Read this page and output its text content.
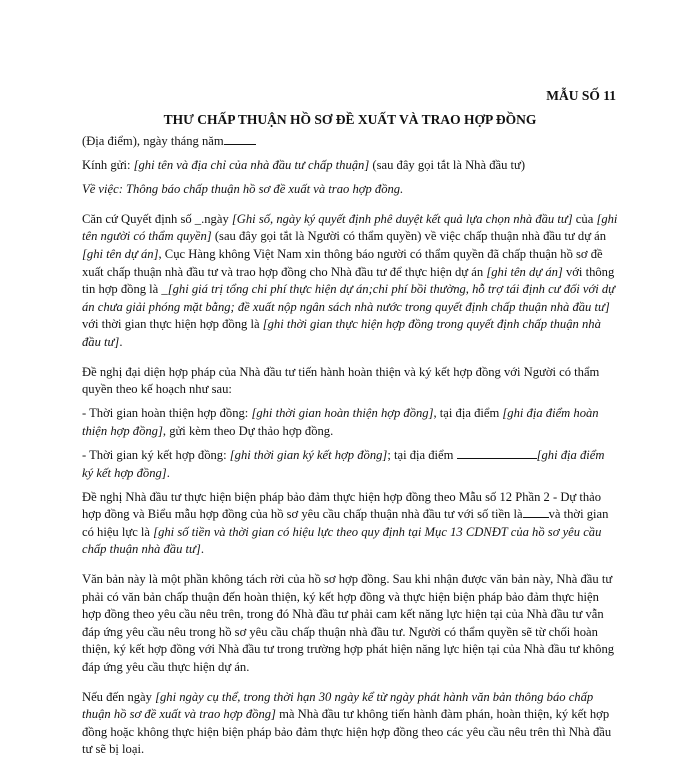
MẪU SỐ 11
THƯ CHẤP THUẬN HỒ SƠ ĐỀ XUẤT VÀ TRAO HỢP ĐỒNG

(Địa điểm), ngày tháng năm

Kính gửi: [ghi tên và địa chỉ của nhà đầu tư chấp thuận] (sau đây gọi tắt là Nhà đầu tư)

Về việc: Thông báo chấp thuận hồ sơ đề xuất và trao hợp đồng.

Căn cứ Quyết định số _.ngày [Ghi số, ngày ký quyết định phê duyệt kết quả lựa chọn nhà đầu tư] của [ghi tên người có thẩm quyền] (sau đây gọi tắt là Người có thẩm quyền) về việc chấp thuận nhà đầu tư dự án [ghi tên dự án], Cục Hàng không Việt Nam xin thông báo người có thẩm quyền đã chấp thuận hồ sơ đề xuất chấp thuận nhà đầu tư và trao hợp đồng cho Nhà đầu tư để thực hiện dự án [ghi tên dự án] với thông tin hợp đồng là _[ghi giá trị tổng chi phí thực hiện dự án;chi phí bồi thường, hỗ trợ tái định cư đối với dự án chưa giải phóng mặt bằng; đề xuất nộp ngân sách nhà nước trong quyết định chấp thuận nhà đầu tư] với thời gian thực hiện hợp đồng là [ghi thời gian thực hiện hợp đồng trong quyết định chấp thuận nhà đầu tư].

Đề nghị đại diện hợp pháp của Nhà đầu tư tiến hành hoàn thiện và ký kết hợp đồng với Người có thẩm quyền theo kế hoạch như sau:

- Thời gian hoàn thiện hợp đồng: [ghi thời gian hoàn thiện hợp đồng], tại địa điểm [ghi địa điểm hoàn thiện hợp đồng], gửi kèm theo Dự thảo hợp đồng.

- Thời gian ký kết hợp đồng: [ghi thời gian ký kết hợp đồng]; tại địa điểm	[ghi địa điểm ký kết hợp đồng].

Đề nghị Nhà đầu tư thực hiện biện pháp bảo đảm thực hiện hợp đồng theo Mẫu số 12 Phần 2 - Dự thảo hợp đồng và Biểu mẫu hợp đồng của hồ sơ yêu cầu chấp thuận nhà đầu tư với số tiền là và thời gian có hiệu lực là [ghi số tiền và thời gian có hiệu lực theo quy định tại Mục 13 CDNĐT của hồ sơ yêu cầu chấp thuận nhà đầu tư].

Văn bản này là một phần không tách rời của hồ sơ hợp đồng. Sau khi nhận được văn bản này, Nhà đầu tư phải có văn bản chấp thuận đến hoàn thiện, ký kết hợp đồng và thực hiện biện pháp bảo đảm thực hiện hợp đồng theo yêu cầu nêu trên, trong đó Nhà đầu tư phải cam kết năng lực hiện tại của Nhà đầu tư vẫn đáp ứng yêu cầu nêu trong hồ sơ yêu cầu chấp thuận nhà đầu tư. Người có thẩm quyền sẽ từ chối hoàn thiện, ký kết hợp đồng với Nhà đầu tư trong trường hợp phát hiện năng lực hiện tại của Nhà đầu tư không đáp ứng yêu cầu thực hiện dự án.

Nếu đến ngày [ghi ngày cụ thể, trong thời hạn 30 ngày kể từ ngày phát hành văn bản thông báo chấp thuận hồ sơ đề xuất và trao hợp đồng] mà Nhà đầu tư không tiến hành đàm phán, hoàn thiện, ký kết hợp đồng hoặc không thực hiện biện pháp bảo đảm thực hiện hợp đồng theo các yêu cầu nêu trên thì Nhà đầu tư sẽ bị loại.
